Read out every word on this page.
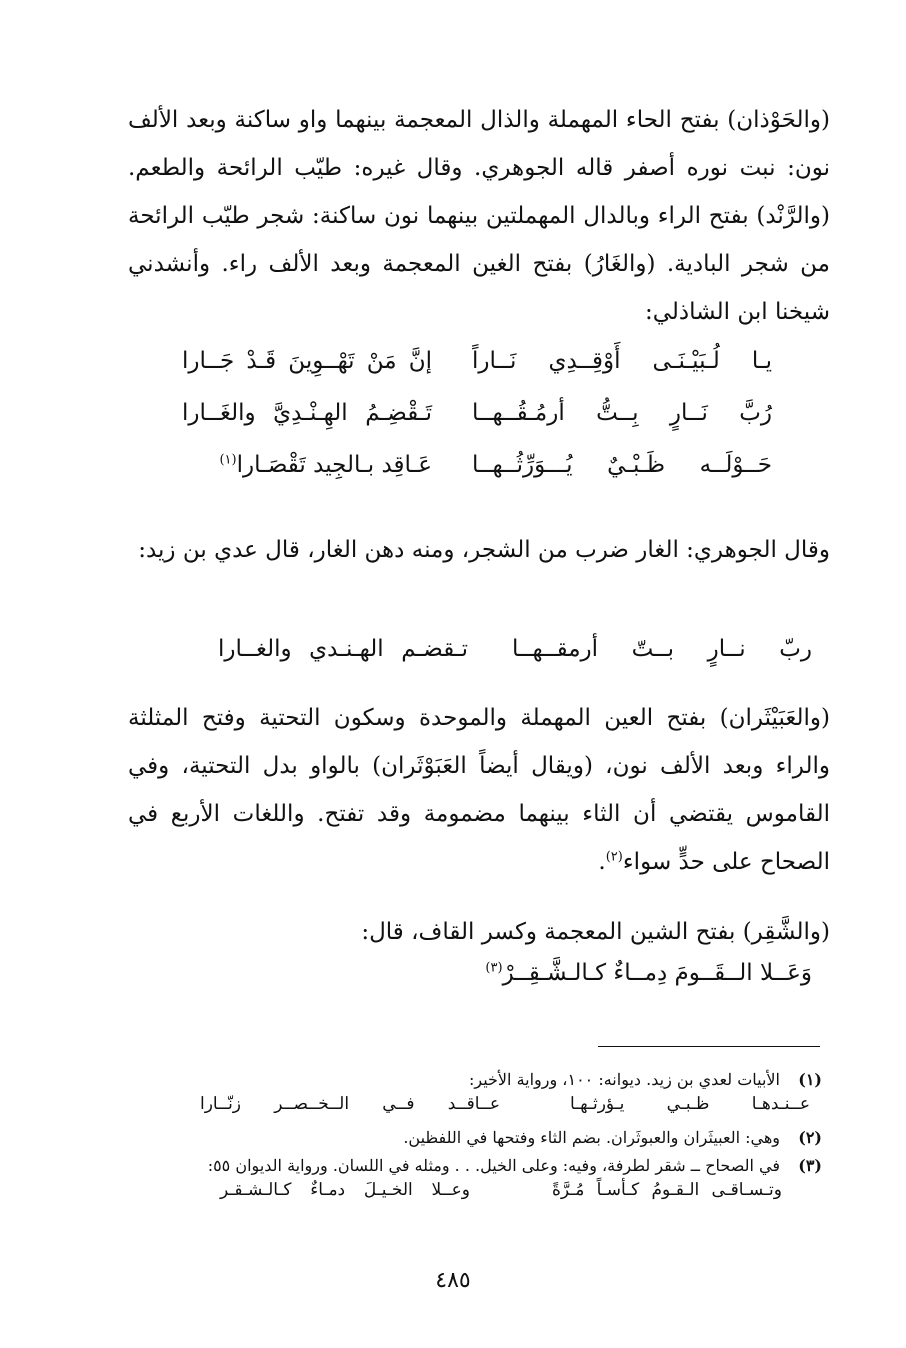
(والحَوْذان) بفتح الحاء المهملة والذال المعجمة بينهما واو ساكنة وبعد الألف نون: نبت نوره أصفر قاله الجوهري. وقال غيره: طيّب الرائحة والطعم. (والرَّنْد) بفتح الراء وبالدال المهملتين بينهما نون ساكنة: شجر طيّب الرائحة من شجر البادية. (والغَارُ) بفتح الغين المعجمة وبعد الألف راء. وأنشدني شيخنا ابن الشاذلي:

يـا لُـبَيْـنَـى أَوْقِــدِي نَــاراً
إنَّ مَنْ تَهْــوِينَ قَـدْ جَــارا
رُبَّ نَــارٍ بِــتُّ أرمُـقُــهــا
تَـقْضِـمُ الهِـنْـدِيَّ والغَــارا
حَــوْلَــه ظَـبْـيٌ يُـــوَرِّثُــهــا
عَـاقِد بـالجِيد تَقْصَـارا$^{(١)}$

وقال الجوهري: الغار ضرب من الشجر، ومنه دهن الغار، قال عدي بن زيد:

ربّ نــارٍ بــتّ أرمقــهــا
تـقضـم الهـنـدي والغــارا

(والعَبَيْثَران) بفتح العين المهملة والموحدة وسكون التحتية وفتح المثلثة والراء وبعد الألف نون، (ويقال أيضاً العَبَوْثَران) بالواو بدل التحتية، وفي القاموس يقتضي أن الثاء بينهما مضمومة وقد تفتح. واللغات الأربع في الصحاح على حدٍّ سواء$^{(٢)}$.

(والشَّقِر) بفتح الشين المعجمة وكسر القاف، قال:

وَعَــلا الــقَــومَ دِمــاءٌ كـالـشَّـقِــرْ$^{(٣)}$
(١)
الأبيات لعدي بن زيد. ديوانه: ١٠٠، ورواية الأخير:
عــنـدهـا ظـبـي يـؤرثـهـا
عــاقــد فــي الــخــصــر زنّــارا
(٢)
وهي: العبيثَران والعبوثَران. بضم الثاء وفتحها في اللفظين.
(٣)
في الصحاح ــ شقر لطرفة، وفيه: وعلى الخيل. . . ومثله في اللسان. ورواية الديوان ٥٥:
وتـسـاقـى الـقـومُ كـأسـاً مُـرَّةً
وعــلا الخـيـلَ دمـاءٌ كـالـشـقـر
٤٨٥
